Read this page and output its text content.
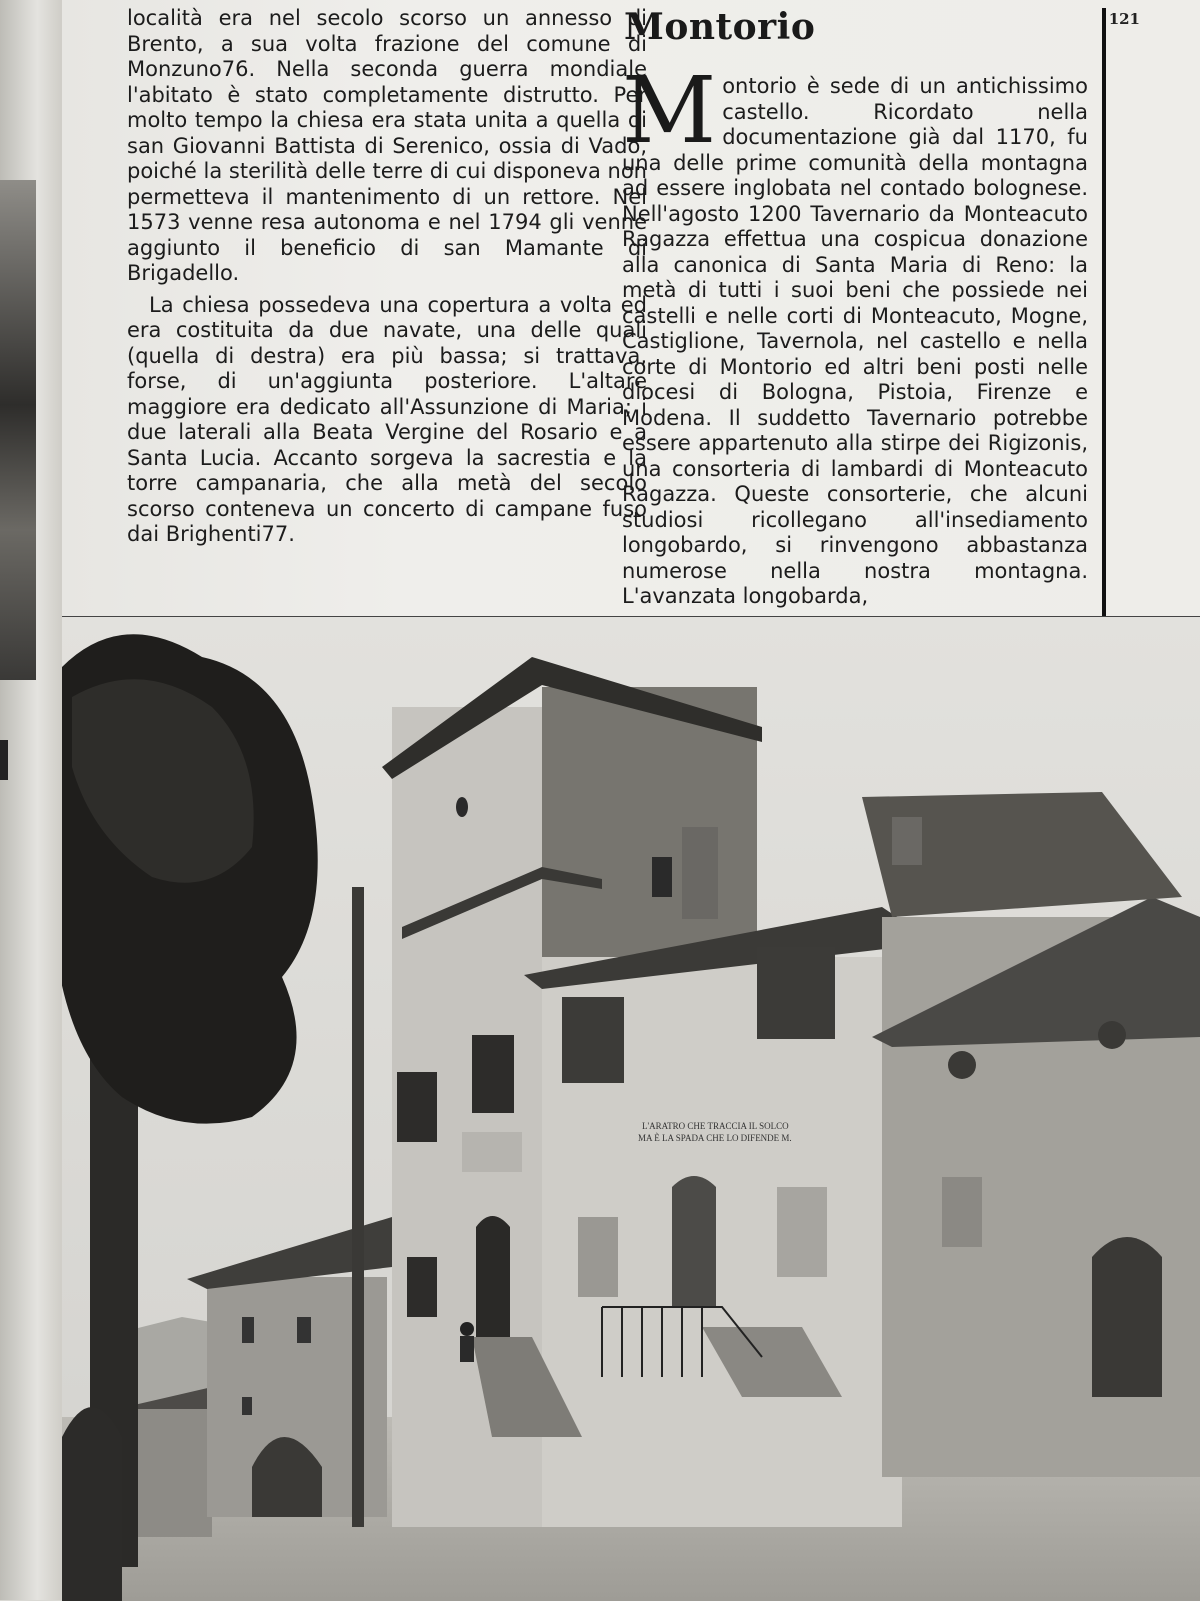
località era nel secolo scorso un annesso di Brento, a sua volta frazione del comune di Monzuno76. Nella seconda guerra mondiale l'abitato è stato completamente distrutto. Per molto tempo la chiesa era stata unita a quella di san Giovanni Battista di Serenico, ossia di Vado, poiché la sterilità delle terre di cui disponeva non permetteva il mantenimento di un rettore. Nel 1573 venne resa autonoma e nel 1794 gli venne aggiunto il beneficio di san Mamante di Brigadello.

La chiesa possedeva una copertura a volta ed era costituita da due navate, una delle quali (quella di destra) era più bassa; si trattava, forse, di un'aggiunta posteriore. L'altare maggiore era dedicato all'Assunzione di Maria; i due laterali alla Beata Vergine del Rosario e a Santa Lucia. Accanto sorgeva la sacrestia e la torre campanaria, che alla metà del secolo scorso conteneva un concerto di campane fuso dai Brighenti77.

Montorio	121
M ontorio è sede di un antichissimo castello. Ricordato nella documentazione già dal 1170, fu una delle prime comunità della montagna ad essere inglobata nel contado bolognese. Nell'agosto 1200 Tavernario da Monteacuto Ragazza effettua una cospicua donazione alla canonica di Santa Maria di Reno: la metà di tutti i suoi beni che possiede nei castelli e nelle corti di Monteacuto, Mogne, Castiglione, Tavernola, nel castello e nella corte di Montorio ed altri beni posti nelle diocesi di Bologna, Pistoia, Firenze e Modena. Il suddetto Tavernario potrebbe essere appartenuto alla stirpe dei Rigizonis, una consorteria di lambardi di Monteacuto Ragazza. Queste consorterie, che alcuni studiosi ricollegano all'insediamento longobardo, si rinvengono abbastanza numerose nella nostra montagna. L'avanzata longobarda,

L'ARATRO CHE TRACCIA IL SOLCO
MA È LA SPADA CHE LO DIFENDE M.
